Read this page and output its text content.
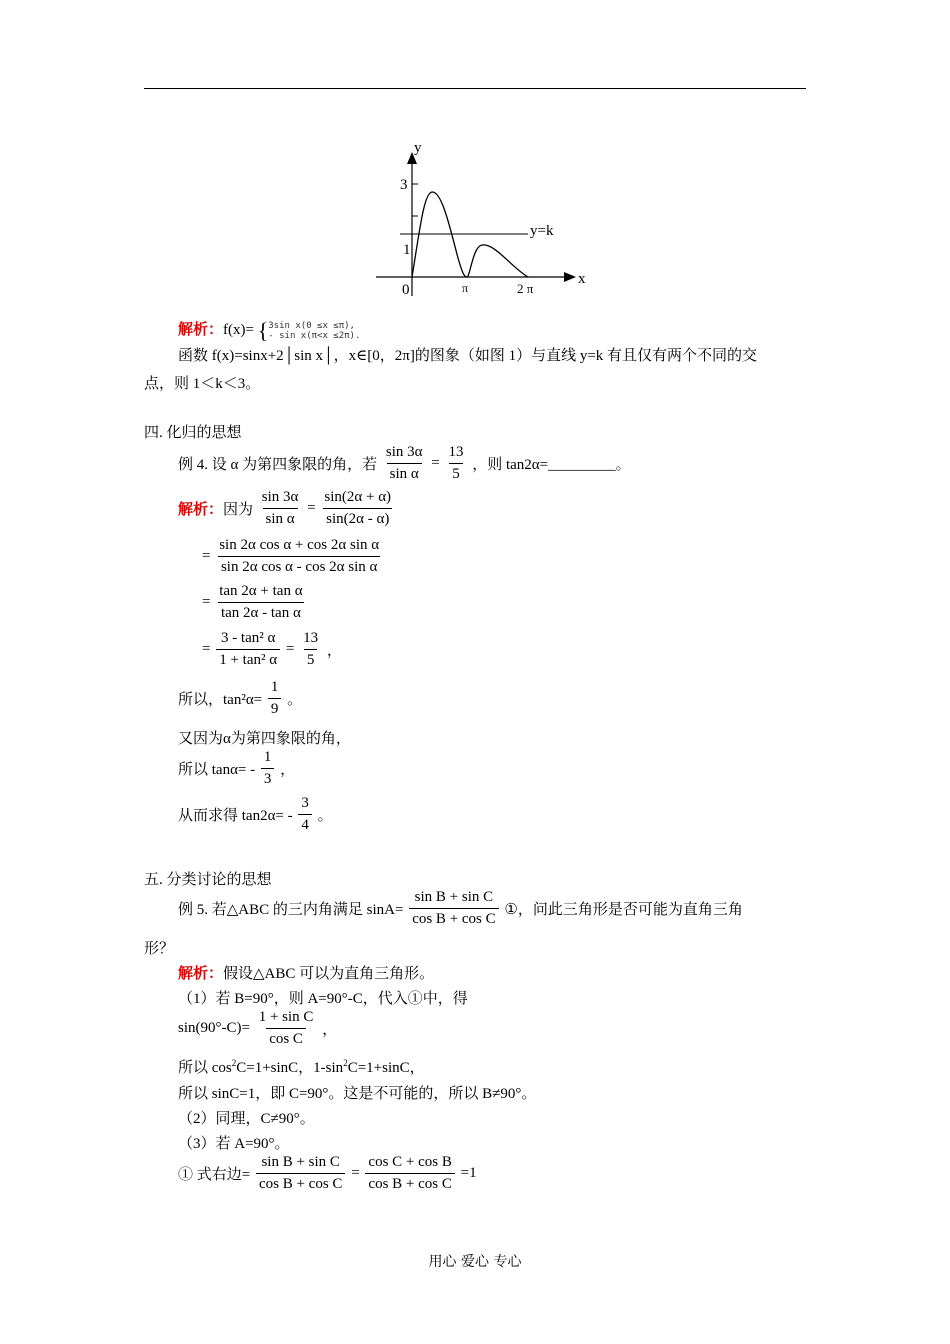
y
x
0
3
1
π	2 π
y=k
解析：f(x)= { 3sin x(0 ≤x ≤π),
- sin x(π<x ≤2π).
函数 f(x)=sinx+2│sin x│，x∈[0，2π]的图象（如图 1）与直线 y=k 有且仅有两个不同的交
点，则 1＜k＜3。
四. 化归的思想
例 4. 设 α 为第四象限的角，若 $\frac{\sin 3\alpha}{\text{sin α}} = \frac{13}{5}$ ，则 tan2α=_________。
解析：因为 $\frac{\sin 3\alpha}{\text{sin α}} = \frac{\sin(2\alpha + \alpha)}{\sin(2\alpha - \alpha)}$
= $\frac{\text{sin 2α cos α + cos 2α sin α}}{\text{sin 2α cos α - cos 2α sin α}}$
= $\frac{\text{tan 2α + tan α}}{\text{tan 2α - tan α}}$
= $\frac{\text{3 - tan² α}}{\text{1 + tan² α}} = \frac{13}{5}$ ，
所以，$\tan^2\alpha= \frac{1}{9}$ 。
又因为α为第四象限的角，
所以 $\tan\alpha= - \frac{1}{3}$ ，
从而求得 $\tan 2\alpha= - \frac{3}{4}$ 。
五. 分类讨论的思想
例 5. 若△ABC 的三内角满足 $\sin A= \frac{\text{sin B + sin C}}{\text{cos B + cos C}}$ ①，问此三角形是否可能为直角三角
形？
解析：假设△ABC 可以为直角三角形。
（1）若 B=90°，则 A=90°-C，代入①中，得
$\sin(90^\circ-C)= \frac{\text{1 + sin C}}{\text{cos C}}$ ，
所以 $\cos^2C=1+\sin C$，$1-\sin^2C=1+\sin C$，
所以 sinC=1，即 C=90°。这是不可能的，所以 B≠90°。
（2）同理，C≠90°。
（3）若 A=90°。
① 式右边= $\frac{\text{sin B + sin C}}{\text{cos B + cos C}} = \frac{\text{cos C + cos B}}{\text{cos B + cos C}} =1$
用心 爱心 专心
